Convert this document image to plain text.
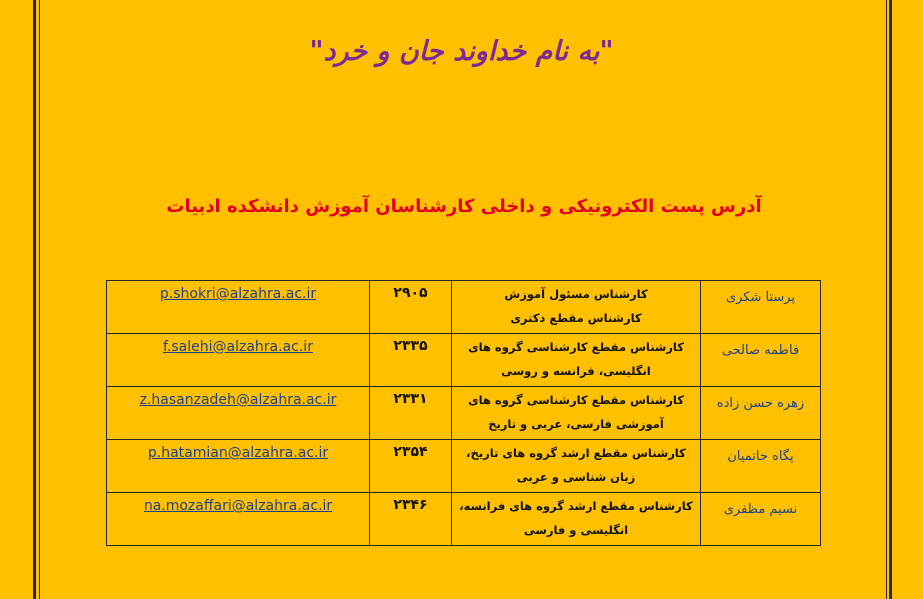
"به نام خداوند جان و خرد"
آدرس پست الکترونیکی و داخلی کارشناسان آموزش دانشکده ادبیات
پرستا شکری	کارشناس مسئول آموزش
کارشناس مقطع دکتری	۲۹۰۵	p.shokri@alzahra.ac.ir
فاطمه صالحی	کارشناس مقطع کارشناسی گروه های
انگلیسی، فرانسه و روسی	۲۳۳۵	f.salehi@alzahra.ac.ir
زهره حسن زاده	کارشناس مقطع کارشناسی گروه های
آموزشی فارسی، عربی و تاریخ	۲۳۳۱	z.hasanzadeh@alzahra.ac.ir
پگاه حاتمیان	کارشناس مقطع ارشد گروه های تاریخ،
زبان شناسی و عربی	۲۳۵۴	p.hatamian@alzahra.ac.ir
نسیم مظفری	کارشناس مقطع ارشد گروه های فرانسه،
انگلیسی و فارسی	۲۳۴۶	na.mozaffari@alzahra.ac.ir
